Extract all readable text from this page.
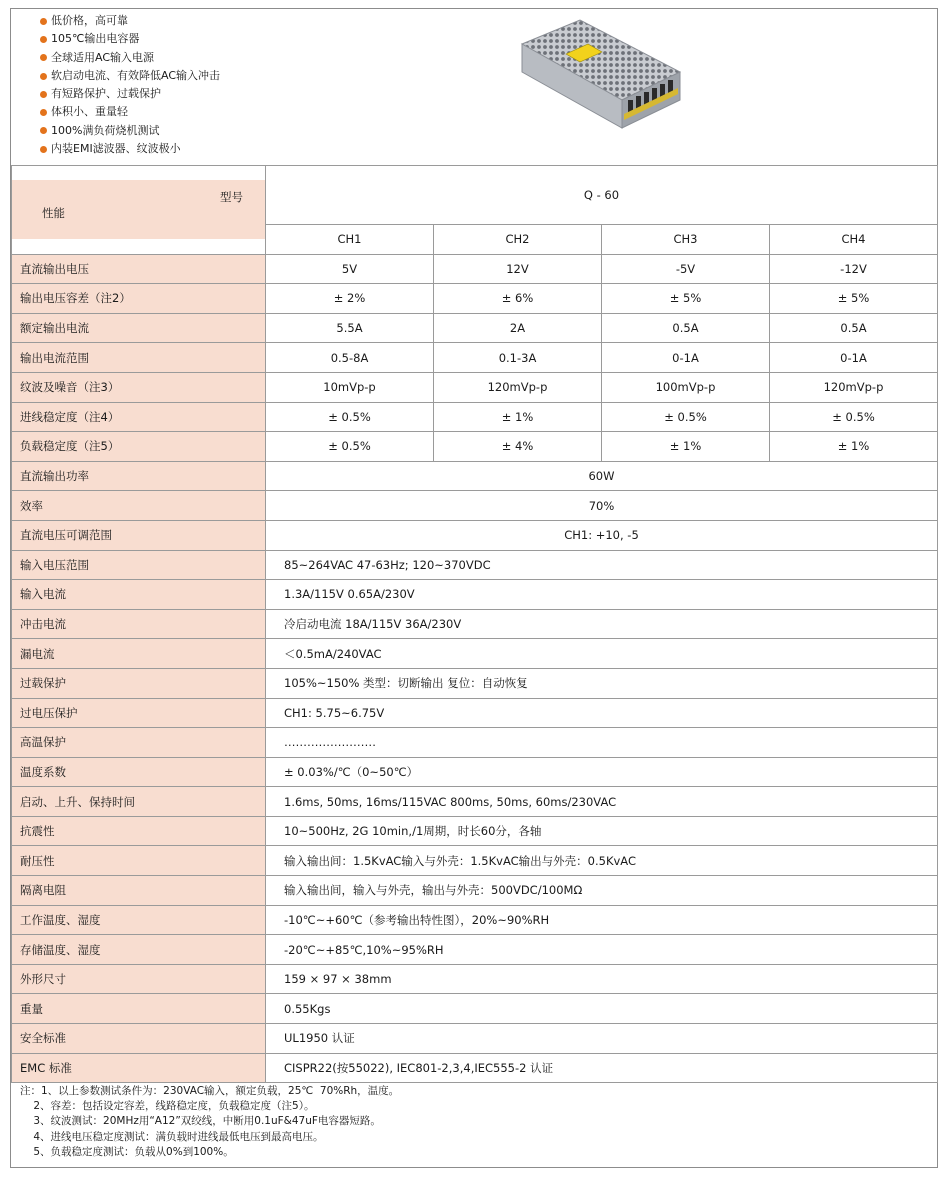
低价格，高可靠
105℃输出电容器
全球适用AC输入电源
软启动电流、有效降低AC输入冲击
有短路保护、过载保护
体积小、重量轻
100%满负荷烧机测试
内装EMI滤波器、纹波极小
型号
性能	Q - 60			
	CH1	CH2	CH3	CH4
直流输出电压	5V	12V	-5V	-12V
输出电压容差（注2）	± 2%	± 6%	± 5%	± 5%
额定输出电流	5.5A	2A	0.5A	0.5A
输出电流范围	0.5-8A	0.1-3A	0-1A	0-1A
纹波及噪音（注3）	10mVp-p	120mVp-p	100mVp-p	120mVp-p
进线稳定度（注4）	± 0.5%	± 1%	± 0.5%	± 0.5%
负载稳定度（注5）	± 0.5%	± 4%	± 1%	± 1%
直流输出功率	60W			
效率	70%			
直流电压可调范围	CH1: +10, -5			
输入电压范围	85~264VAC 47-63Hz; 120~370VDC			
输入电流	1.3A/115V 0.65A/230V			
冲击电流	冷启动电流 18A/115V 36A/230V			
漏电流	＜0.5mA/240VAC			
过载保护	105%~150% 类型：切断输出 复位：自动恢复			
过电压保护	CH1: 5.75~6.75V			
高温保护	……………………			
温度系数	± 0.03%/℃（0~50℃）			
启动、上升、保持时间	1.6ms, 50ms, 16ms/115VAC 800ms, 50ms, 60ms/230VAC			
抗震性	10~500Hz, 2G 10min,/1周期，时长60分，各轴			
耐压性	输入输出间：1.5KvAC输入与外壳：1.5KvAC输出与外壳：0.5KvAC			
隔离电阻	输入输出间，输入与外壳，输出与外壳：500VDC/100MΩ			
工作温度、湿度	-10℃~+60℃（参考输出特性图），20%~90%RH			
存储温度、湿度	-20℃~+85℃,10%~95%RH			
外形尺寸	159 × 97 × 38mm			
重量	0.55Kgs			
安全标准	UL1950 认证			
EMC 标准	CISPR22(按55022), IEC801-2,3,4,IEC555-2 认证			
注：1、以上参数测试条件为：230VAC输入，额定负载，25℃  70%Rh，温度。
2、容差：包括设定容差，线路稳定度，负载稳定度（注5）。
3、纹波测试：20MHz用“A12”双绞线，中断用0.1uF&47uF电容器短路。
4、进线电压稳定度测试：满负载时进线最低电压到最高电压。
5、负载稳定度测试：负载从0%到100%。
